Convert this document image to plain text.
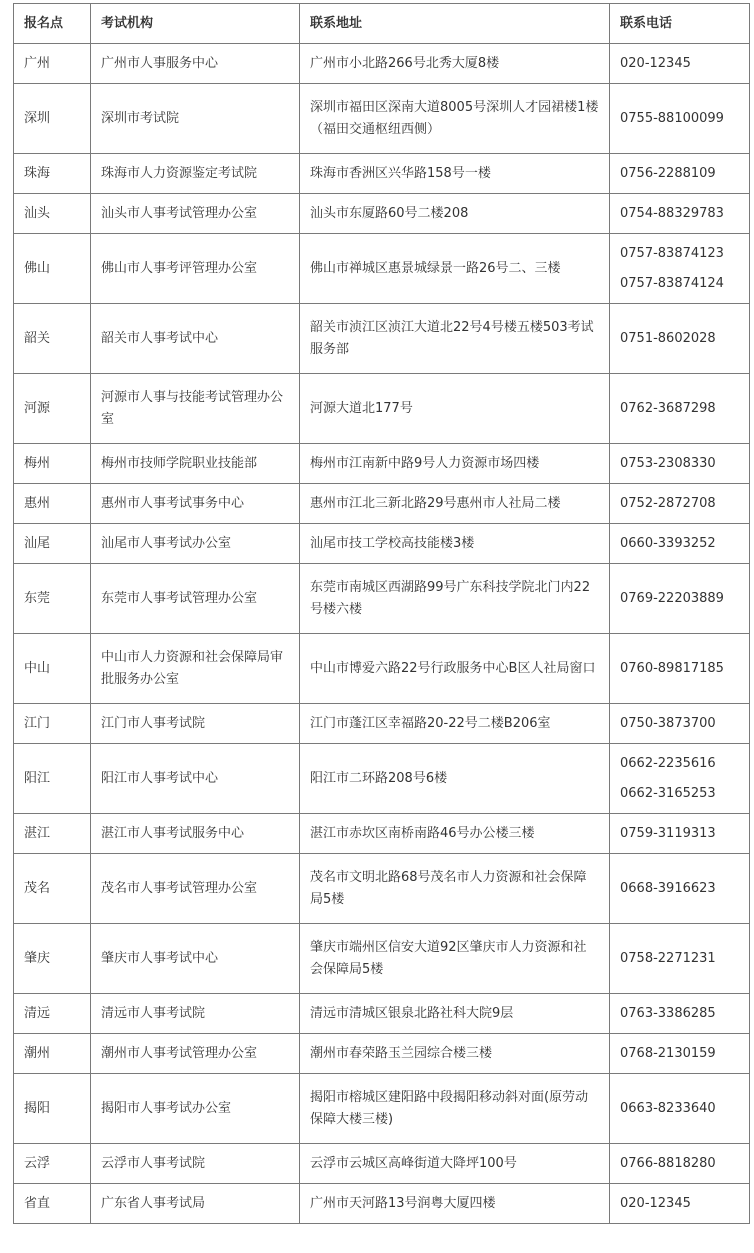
报名点	考试机构	联系地址	联系电话
广州	广州市人事服务中心	广州市小北路266号北秀大厦8楼	020-12345

深圳	深圳市考试院	深圳市福田区深南大道8005号深圳人才园裙楼1楼（福田交通枢纽西侧）	0755-88100099

珠海	珠海市人力资源鉴定考试院	珠海市香洲区兴华路158号一楼	0756-2288109

汕头	汕头市人事考试管理办公室	汕头市东厦路60号二楼208	0754-88329783

佛山	佛山市人事考评管理办公室	佛山市禅城区惠景城绿景一路26号二、三楼	0757-83874123
0757-83874124

韶关	韶关市人事考试中心	韶关市浈江区浈江大道北22号4号楼五楼503考试服务部	0751-8602028

河源	河源市人事与技能考试管理办公室	河源大道北177号	0762-3687298

梅州	梅州市技师学院职业技能部	梅州市江南新中路9号人力资源市场四楼	0753-2308330

惠州	惠州市人事考试事务中心	惠州市江北三新北路29号惠州市人社局二楼	0752-2872708

汕尾	汕尾市人事考试办公室	汕尾市技工学校高技能楼3楼	0660-3393252

东莞	东莞市人事考试管理办公室	东莞市南城区西湖路99号广东科技学院北门内22号楼六楼	0769-22203889

中山	中山市人力资源和社会保障局审批服务办公室	中山市博爱六路22号行政服务中心B区人社局窗口	0760-89817185

江门	江门市人事考试院	江门市蓬江区幸福路20-22号二楼B206室	0750-3873700

阳江	阳江市人事考试中心	阳江市二环路208号6楼	0662-2235616
0662-3165253

湛江	湛江市人事考试服务中心	湛江市赤坎区南桥南路46号办公楼三楼	0759-3119313

茂名	茂名市人事考试管理办公室	茂名市文明北路68号茂名市人力资源和社会保障局5楼	0668-3916623

肇庆	肇庆市人事考试中心	肇庆市端州区信安大道92区肇庆市人力资源和社会保障局5楼	0758-2271231

清远	清远市人事考试院	清远市清城区银泉北路社科大院9层	0763-3386285

潮州	潮州市人事考试管理办公室	潮州市春荣路玉兰园综合楼三楼	0768-2130159

揭阳	揭阳市人事考试办公室	揭阳市榕城区建阳路中段揭阳移动斜对面(原劳动保障大楼三楼)	0663-8233640

云浮	云浮市人事考试院	云浮市云城区高峰街道大降坪100号	0766-8818280

省直	广东省人事考试局	广州市天河路13号润粤大厦四楼	020-12345
